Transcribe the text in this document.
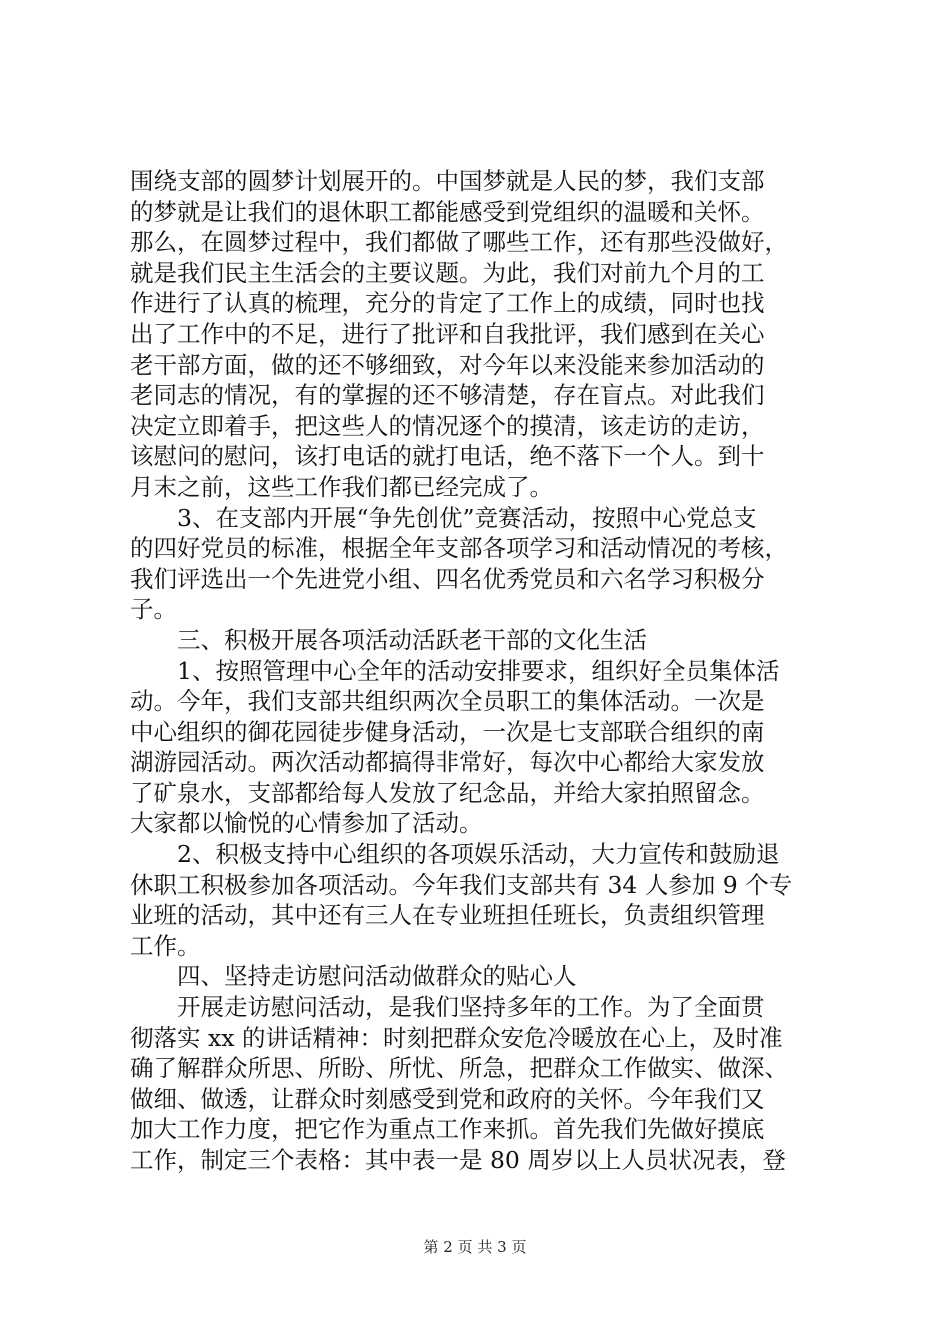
围绕支部的圆梦计划展开的。中国梦就是人民的梦，我们支部
的梦就是让我们的退休职工都能感受到党组织的温暖和关怀。
那么，在圆梦过程中，我们都做了哪些工作，还有那些没做好，
就是我们民主生活会的主要议题。为此，我们对前九个月的工
作进行了认真的梳理，充分的肯定了工作上的成绩，同时也找
出了工作中的不足，进行了批评和自我批评，我们感到在关心
老干部方面，做的还不够细致，对今年以来没能来参加活动的
老同志的情况，有的掌握的还不够清楚，存在盲点。对此我们
决定立即着手，把这些人的情况逐个的摸清，该走访的走访，
该慰问的慰问，该打电话的就打电话，绝不落下一个人。到十
月末之前，这些工作我们都已经完成了。
　　3、在支部内开展“争先创优”竞赛活动，按照中心党总支
的四好党员的标准，根据全年支部各项学习和活动情况的考核，
我们评选出一个先进党小组、四名优秀党员和六名学习积极分
子。
　　三、积极开展各项活动活跃老干部的文化生活
　　1、按照管理中心全年的活动安排要求，组织好全员集体活
动。今年，我们支部共组织两次全员职工的集体活动。一次是
中心组织的御花园徒步健身活动，一次是七支部联合组织的南
湖游园活动。两次活动都搞得非常好，每次中心都给大家发放
了矿泉水，支部都给每人发放了纪念品，并给大家拍照留念。
大家都以愉悦的心情参加了活动。
　　2、积极支持中心组织的各项娱乐活动，大力宣传和鼓励退
休职工积极参加各项活动。今年我们支部共有 34 人参加 9 个专
业班的活动，其中还有三人在专业班担任班长，负责组织管理
工作。
　　四、坚持走访慰问活动做群众的贴心人
　　开展走访慰问活动，是我们坚持多年的工作。为了全面贯
彻落实 xx 的讲话精神：时刻把群众安危冷暖放在心上，及时准
确了解群众所思、所盼、所忧、所急，把群众工作做实、做深、
做细、做透，让群众时刻感受到党和政府的关怀。今年我们又
加大工作力度，把它作为重点工作来抓。首先我们先做好摸底
工作，制定三个表格：其中表一是 80 周岁以上人员状况表，登
第 2 页 共 3 页
